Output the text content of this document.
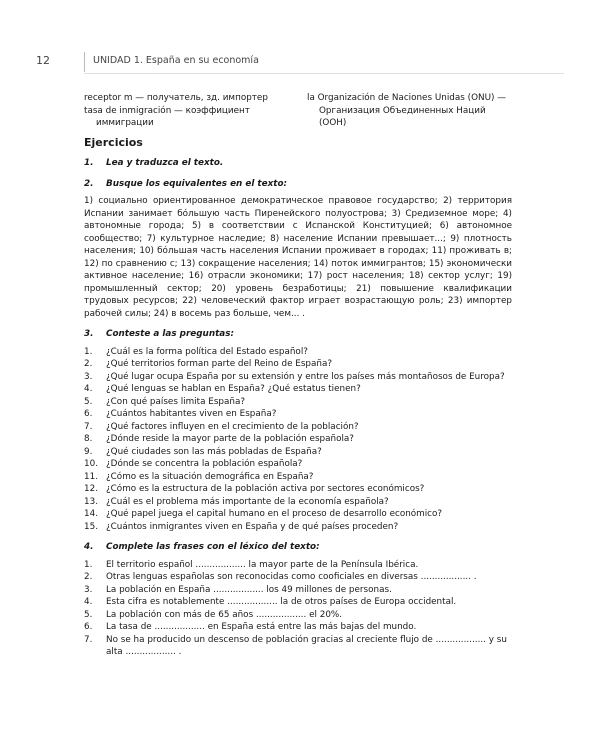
12	UNIDAD 1. España en su economía
receptor m — получатель, зд. импортер
tasa de inmigración — коэффициент иммиграции
la Organización de Naciones Unidas (ONU) — Организация Объединенных Наций (ООН)
Ejercicios
1. Lea y traduzca el texto.
2. Busque los equivalentes en el texto:
1) социально ориентированное демократическое правовое государство; 2) территория Испании занимает бóльшую часть Пиренейского полуострова; 3) Средиземное море; 4) автономные города; 5) в соответствии с Испанской Конституцией; 6) автономное сообщество; 7) культурное наследие; 8) население Испании превышает...; 9) плотность населения; 10) бóльшая часть населения Испании проживает в городах; 11) проживать в; 12) по сравнению с; 13) сокращение населения; 14) поток иммигрантов; 15) экономически активное население; 16) отрасли экономики; 17) рост населения; 18) сектор услуг; 19) промышленный сектор; 20) уровень безработицы; 21) повышение квалификации трудовых ресурсов; 22) человеческий фактор играет возрастающую роль; 23) импортер рабочей силы; 24) в восемь раз больше, чем... .
3. Conteste a las preguntas:
1. ¿Cuál es la forma política del Estado español?
2. ¿Qué territorios forman parte del Reino de España?
3. ¿Qué lugar ocupa España por su extensión y entre los países más montañosos de Europa?
4. ¿Qué lenguas se hablan en España? ¿Qué estatus tienen?
5. ¿Con qué países limita España?
6. ¿Cuántos habitantes viven en España?
7. ¿Qué factores influyen en el crecimiento de la población?
8. ¿Dónde reside la mayor parte de la población española?
9. ¿Qué ciudades son las más pobladas de España?
10. ¿Dónde se concentra la población española?
11. ¿Cómo es la situación demográfica en España?
12. ¿Cómo es la estructura de la población activa por sectores económicos?
13. ¿Cuál es el problema más importante de la economía española?
14. ¿Qué papel juega el capital humano en el proceso de desarrollo económico?
15. ¿Cuántos inmigrantes viven en España y de qué países proceden?
4. Complete las frases con el léxico del texto:
1. El territorio español .................. la mayor parte de la Península Ibérica.
2. Otras lenguas españolas son reconocidas como cooficiales en diversas .................. .
3. La población en España .................. los 49 millones de personas.
4. Esta cifra es notablemente .................. la de otros países de Europa occidental.
5. La población con más de 65 años .................. el 20%.
6. La tasa de .................. en España está entre las más bajas del mundo.
7. No se ha producido un descenso de población gracias al creciente flujo de .................. y su alta .................. .
